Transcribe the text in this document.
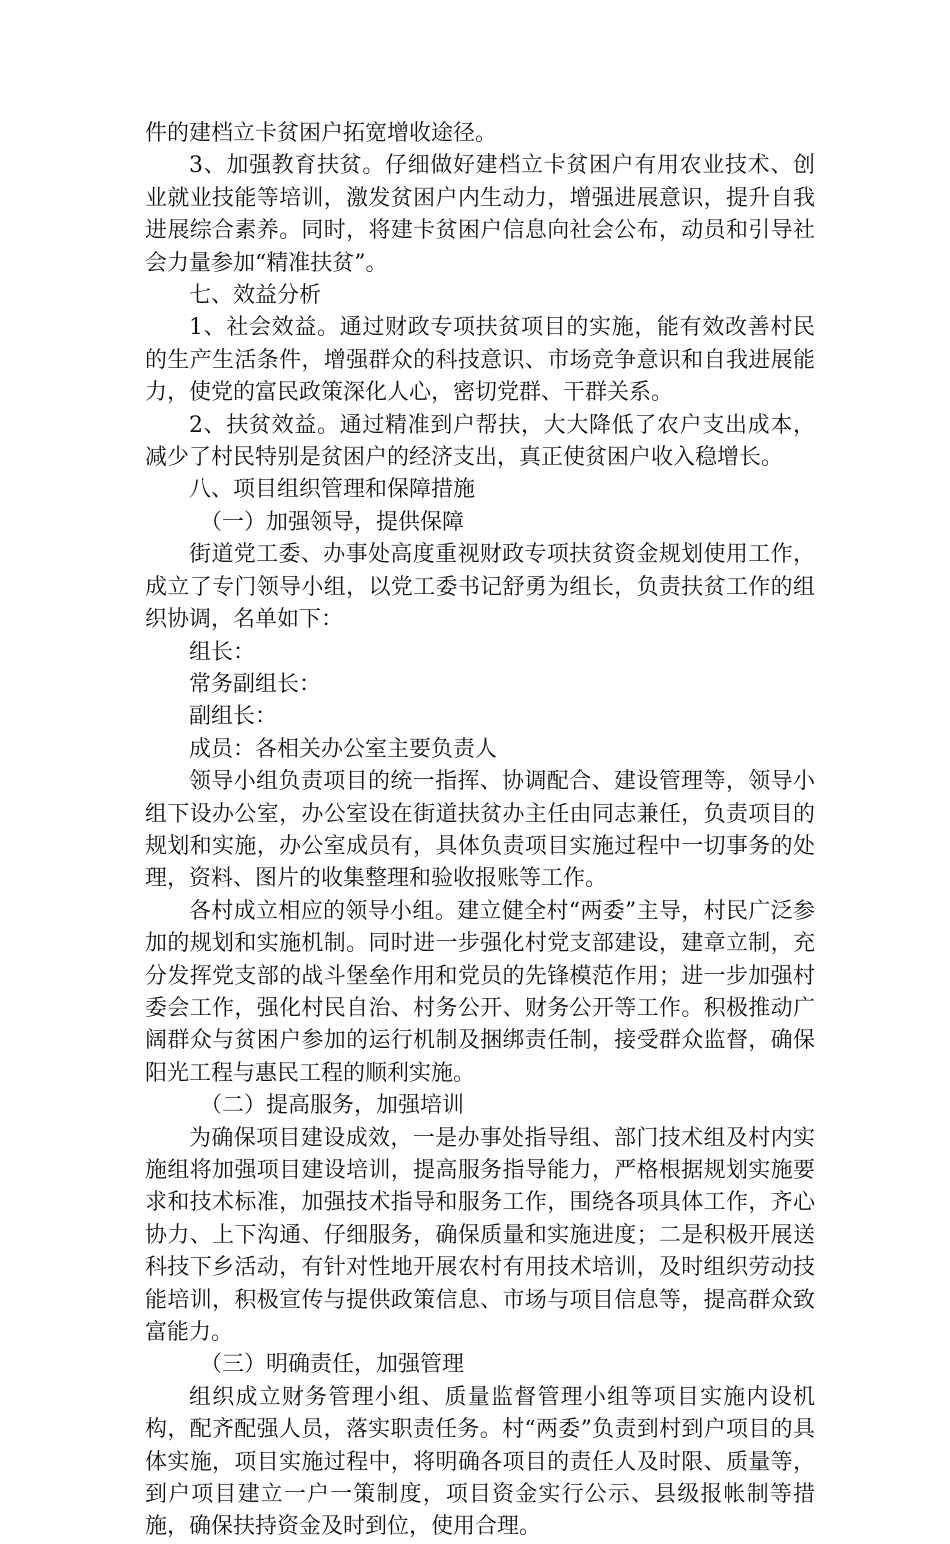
件的建档立卡贫困户拓宽增收途径。

3、加强教育扶贫。仔细做好建档立卡贫困户有用农业技术、创业就业技能等培训，激发贫困户内生动力，增强进展意识，提升自我进展综合素养。同时，将建卡贫困户信息向社会公布，动员和引导社会力量参加“精准扶贫”。

七、效益分析

1、社会效益。通过财政专项扶贫项目的实施，能有效改善村民的生产生活条件，增强群众的科技意识、市场竞争意识和自我进展能力，使党的富民政策深化人心，密切党群、干群关系。

2、扶贫效益。通过精准到户帮扶，大大降低了农户支出成本，减少了村民特别是贫困户的经济支出，真正使贫困户收入稳增长。

八、项目组织管理和保障措施

（一）加强领导，提供保障

街道党工委、办事处高度重视财政专项扶贫资金规划使用工作，成立了专门领导小组，以党工委书记舒勇为组长，负责扶贫工作的组织协调，名单如下：

组长：

常务副组长：

副组长：

成员：各相关办公室主要负责人

领导小组负责项目的统一指挥、协调配合、建设管理等，领导小组下设办公室，办公室设在街道扶贫办主任由同志兼任，负责项目的规划和实施，办公室成员有，具体负责项目实施过程中一切事务的处理，资料、图片的收集整理和验收报账等工作。

各村成立相应的领导小组。建立健全村“两委”主导，村民广泛参加的规划和实施机制。同时进一步强化村党支部建设，建章立制，充分发挥党支部的战斗堡垒作用和党员的先锋模范作用；进一步加强村委会工作，强化村民自治、村务公开、财务公开等工作。积极推动广阔群众与贫困户参加的运行机制及捆绑责任制，接受群众监督，确保阳光工程与惠民工程的顺利实施。

（二）提高服务，加强培训

为确保项目建设成效，一是办事处指导组、部门技术组及村内实施组将加强项目建设培训，提高服务指导能力，严格根据规划实施要求和技术标准，加强技术指导和服务工作，围绕各项具体工作，齐心协力、上下沟通、仔细服务，确保质量和实施进度；二是积极开展送科技下乡活动，有针对性地开展农村有用技术培训，及时组织劳动技能培训，积极宣传与提供政策信息、市场与项目信息等，提高群众致富能力。

（三）明确责任，加强管理

组织成立财务管理小组、质量监督管理小组等项目实施内设机构，配齐配强人员，落实职责任务。村“两委”负责到村到户项目的具体实施，项目实施过程中，将明确各项目的责任人及时限、质量等，到户项目建立一户一策制度，项目资金实行公示、县级报帐制等措施，确保扶持资金及时到位，使用合理。
